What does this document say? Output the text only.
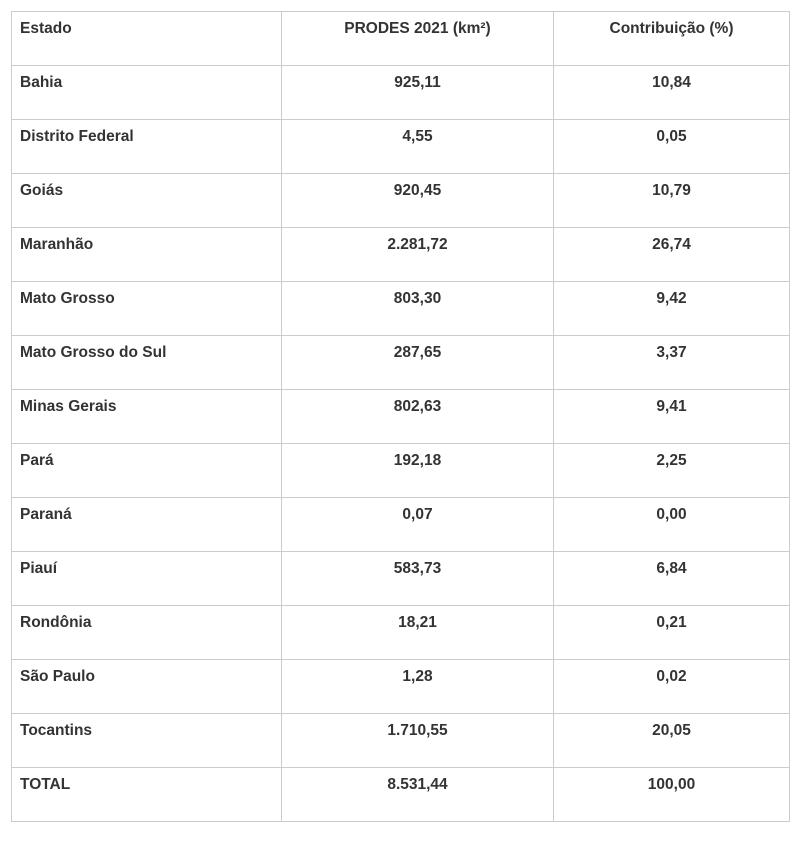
Estado	PRODES 2021 (km²)	Contribuição (%)

Bahia	925,11	10,84

Distrito Federal	4,55	0,05

Goiás	920,45	10,79

Maranhão	2.281,72	26,74

Mato Grosso	803,30	9,42

Mato Grosso do Sul	287,65	3,37

Minas Gerais	802,63	9,41

Pará	192,18	2,25

Paraná	0,07	0,00

Piauí	583,73	6,84

Rondônia	18,21	0,21

São Paulo	1,28	0,02

Tocantins	1.710,55	20,05

TOTAL	8.531,44	100,00
